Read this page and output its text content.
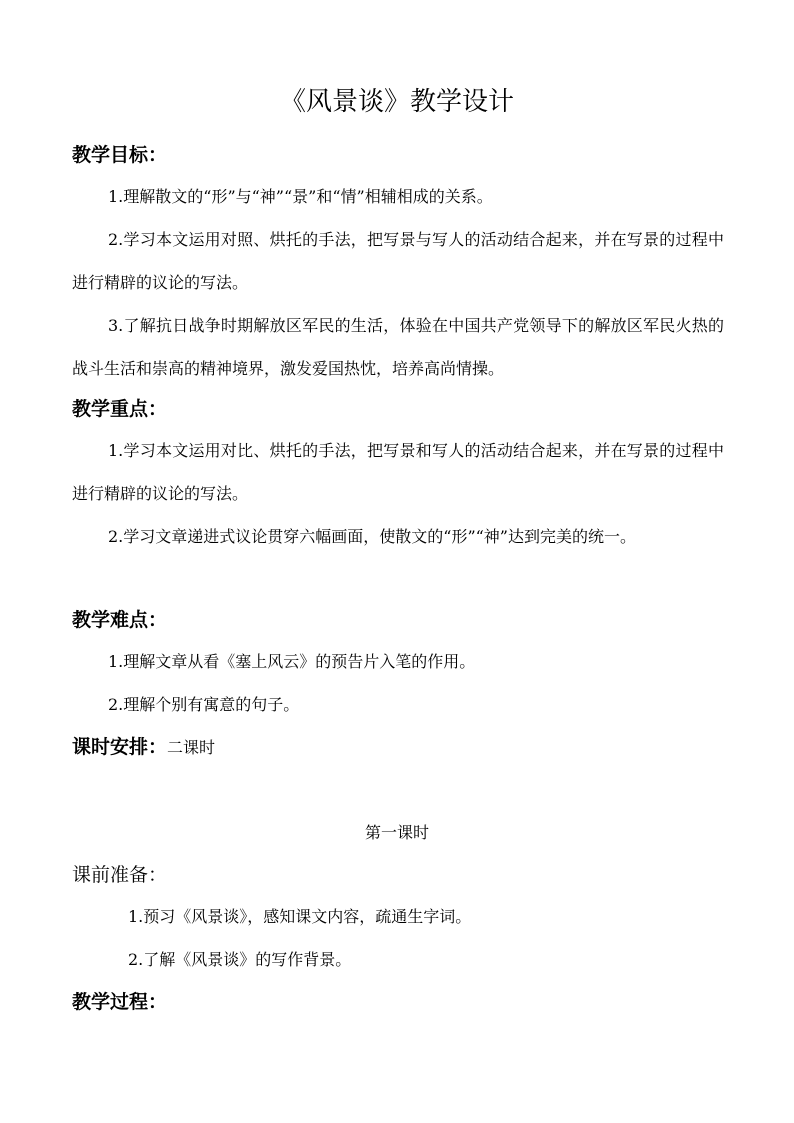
《风景谈》教学设计
教学目标：
1.理解散文的“形”与“神”“景”和“情”相辅相成的关系。
2.学习本文运用对照、烘托的手法，把写景与写人的活动结合起来，并在写景的过程中进行精辟的议论的写法。
3.了解抗日战争时期解放区军民的生活，体验在中国共产党领导下的解放区军民火热的战斗生活和崇高的精神境界，激发爱国热忱，培养高尚情操。
教学重点：
1.学习本文运用对比、烘托的手法，把写景和写人的活动结合起来，并在写景的过程中进行精辟的议论的写法。
2.学习文章递进式议论贯穿六幅画面，使散文的“形”“神”达到完美的统一。
教学难点：
1.理解文章从看《塞上风云》的预告片入笔的作用。
2.理解个别有寓意的句子。
课时安排：二课时
第一课时
课前准备：
1.预习《风景谈》，感知课文内容，疏通生字词。
2.了解《风景谈》的写作背景。
教学过程：
